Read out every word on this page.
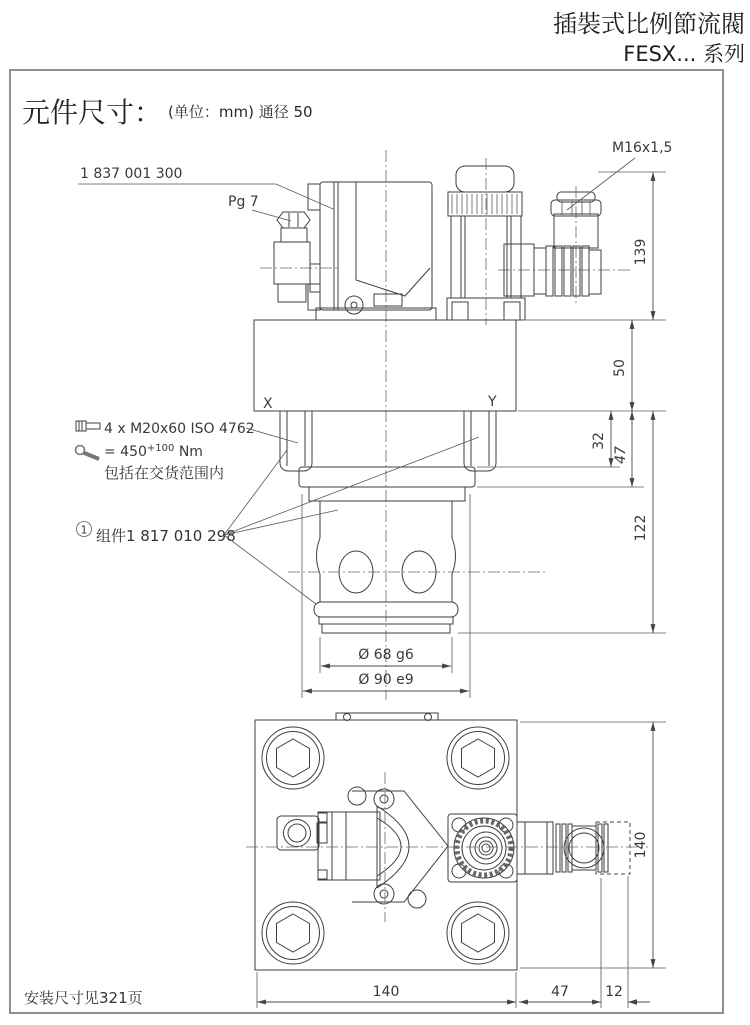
插裝式比例節流閥
FESX... 系列
元件尺寸： (单位：mm) 通径 50
X	Y
1 837 001 300
Pg 7
M16x1,5
4 x M20x60 ISO 4762
= $450^{+100}$ Nm
包括在交货范围内
1 组件1 817 010 298
139
50
32
47
122
Ø 68 g6
Ø 90 e9
140
140	47	12
安装尺寸见321页
